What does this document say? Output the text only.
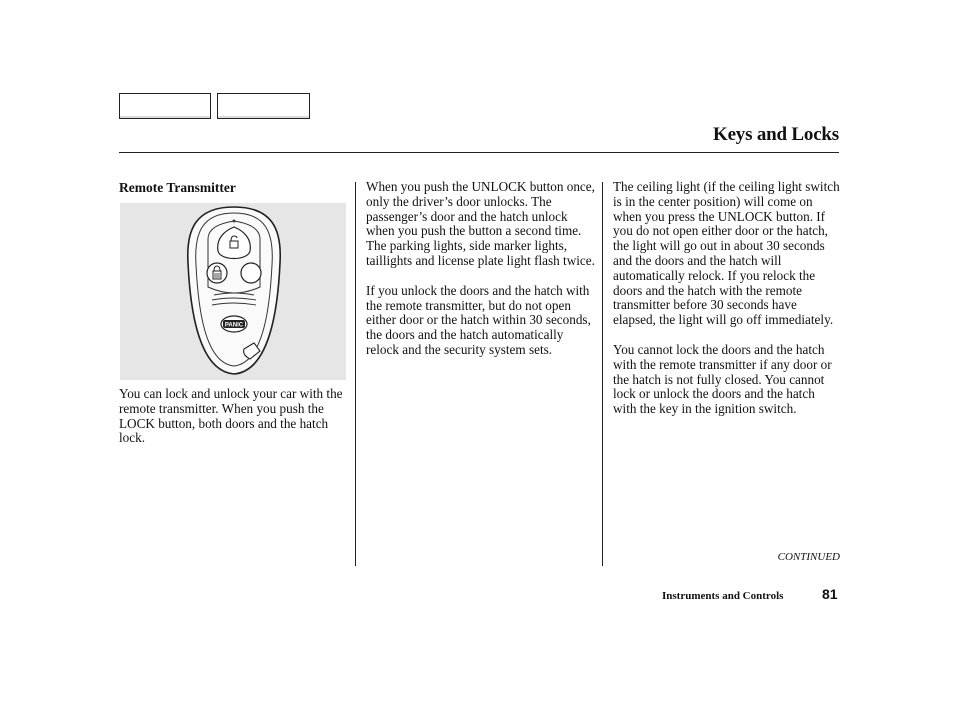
Keys and Locks
Remote Transmitter
PANIC

You can lock and unlock your car with the remote transmitter. When you push the LOCK button, both doors and the hatch lock.

When you push the UNLOCK button once, only the driver’s door unlocks. The passenger’s door and the hatch unlock when you push the button a second time. The parking lights, side marker lights, taillights and license plate light flash twice.

If you unlock the doors and the hatch with the remote transmitter, but do not open either door or the hatch within 30 seconds, the doors and the hatch automatically relock and the security system sets.

The ceiling light (if the ceiling light switch is in the center position) will come on when you press the UNLOCK button. If you do not open either door or the hatch, the light will go out in about 30 seconds and the doors and the hatch will automatically relock. If you relock the doors and the hatch with the remote transmitter before 30 seconds have elapsed, the light will go off immediately.

You cannot lock the doors and the hatch with the remote transmitter if any door or the hatch is not fully closed. You cannot lock or unlock the doors and the hatch with the key in the ignition switch.

CONTINUED
Instruments and Controls	81
